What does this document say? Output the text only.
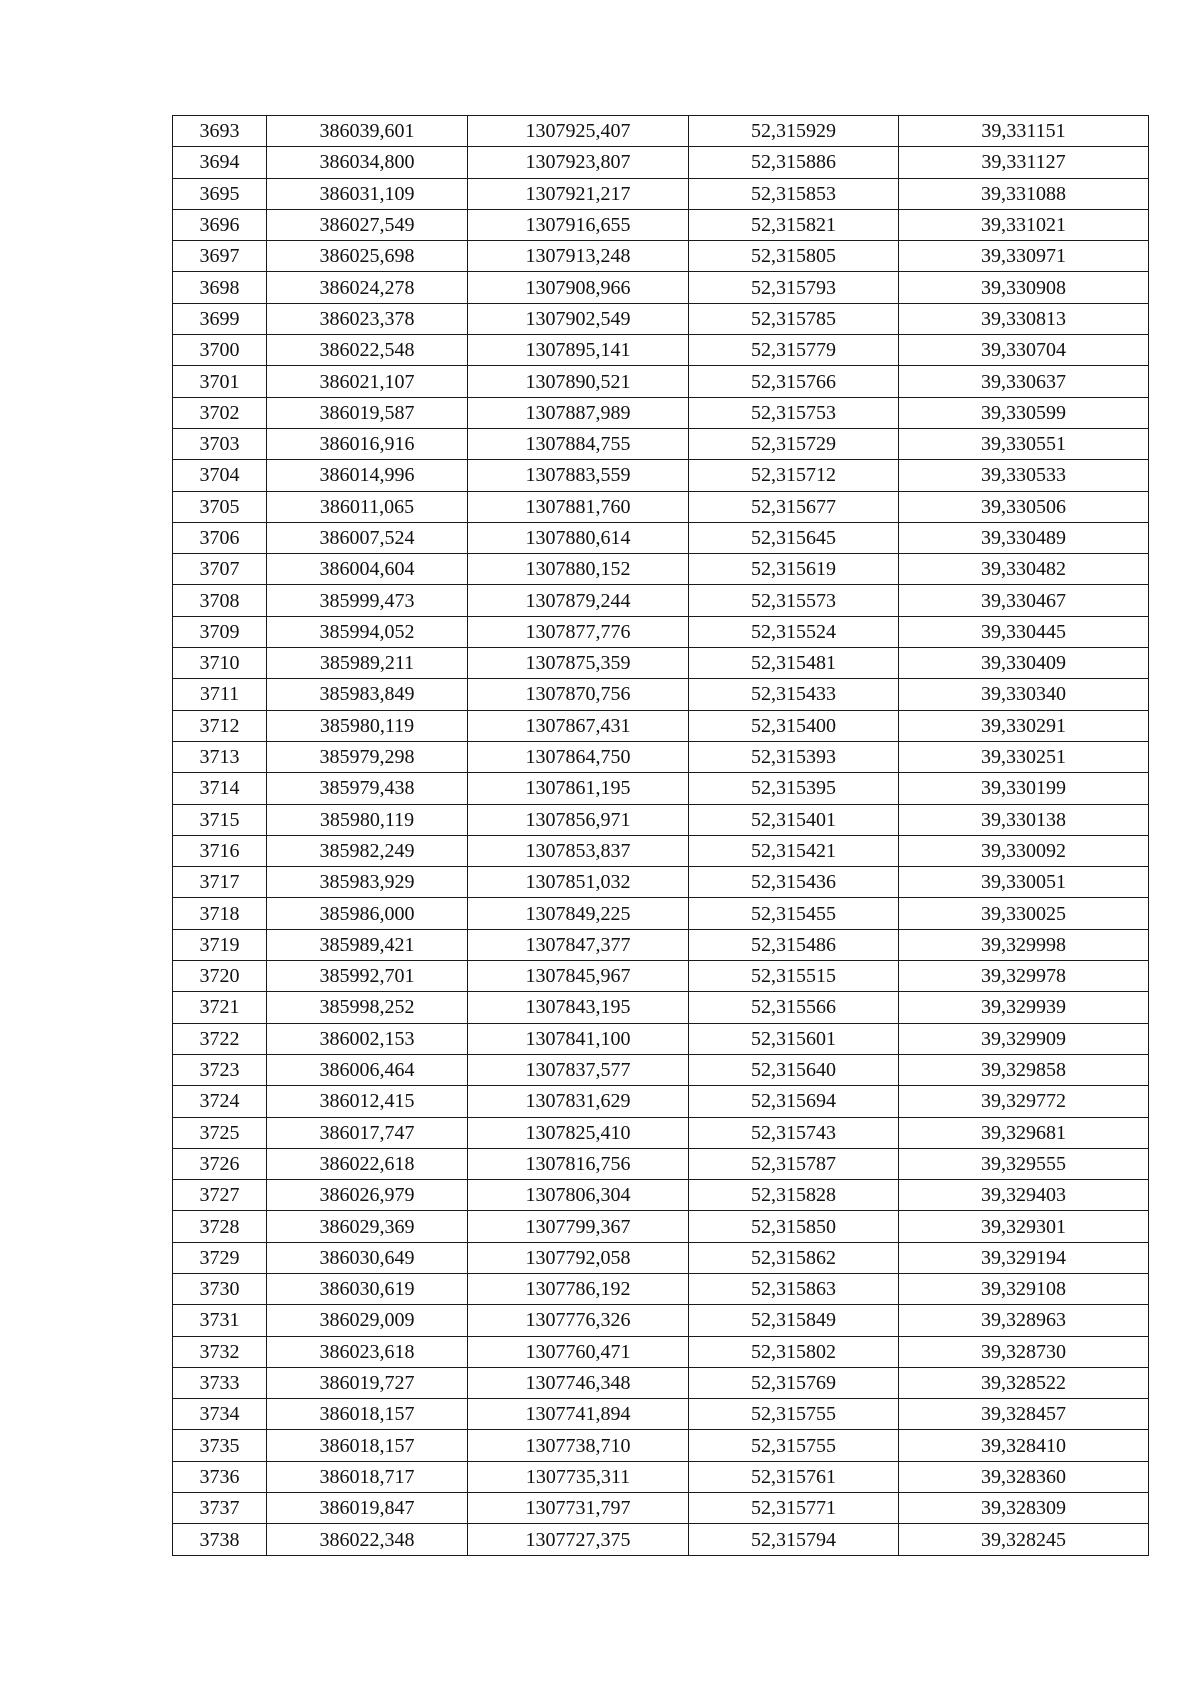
3693	386039,601	1307925,407	52,315929	39,331151
3694	386034,800	1307923,807	52,315886	39,331127
3695	386031,109	1307921,217	52,315853	39,331088
3696	386027,549	1307916,655	52,315821	39,331021
3697	386025,698	1307913,248	52,315805	39,330971
3698	386024,278	1307908,966	52,315793	39,330908
3699	386023,378	1307902,549	52,315785	39,330813
3700	386022,548	1307895,141	52,315779	39,330704
3701	386021,107	1307890,521	52,315766	39,330637
3702	386019,587	1307887,989	52,315753	39,330599
3703	386016,916	1307884,755	52,315729	39,330551
3704	386014,996	1307883,559	52,315712	39,330533
3705	386011,065	1307881,760	52,315677	39,330506
3706	386007,524	1307880,614	52,315645	39,330489
3707	386004,604	1307880,152	52,315619	39,330482
3708	385999,473	1307879,244	52,315573	39,330467
3709	385994,052	1307877,776	52,315524	39,330445
3710	385989,211	1307875,359	52,315481	39,330409
3711	385983,849	1307870,756	52,315433	39,330340
3712	385980,119	1307867,431	52,315400	39,330291
3713	385979,298	1307864,750	52,315393	39,330251
3714	385979,438	1307861,195	52,315395	39,330199
3715	385980,119	1307856,971	52,315401	39,330138
3716	385982,249	1307853,837	52,315421	39,330092
3717	385983,929	1307851,032	52,315436	39,330051
3718	385986,000	1307849,225	52,315455	39,330025
3719	385989,421	1307847,377	52,315486	39,329998
3720	385992,701	1307845,967	52,315515	39,329978
3721	385998,252	1307843,195	52,315566	39,329939
3722	386002,153	1307841,100	52,315601	39,329909
3723	386006,464	1307837,577	52,315640	39,329858
3724	386012,415	1307831,629	52,315694	39,329772
3725	386017,747	1307825,410	52,315743	39,329681
3726	386022,618	1307816,756	52,315787	39,329555
3727	386026,979	1307806,304	52,315828	39,329403
3728	386029,369	1307799,367	52,315850	39,329301
3729	386030,649	1307792,058	52,315862	39,329194
3730	386030,619	1307786,192	52,315863	39,329108
3731	386029,009	1307776,326	52,315849	39,328963
3732	386023,618	1307760,471	52,315802	39,328730
3733	386019,727	1307746,348	52,315769	39,328522
3734	386018,157	1307741,894	52,315755	39,328457
3735	386018,157	1307738,710	52,315755	39,328410
3736	386018,717	1307735,311	52,315761	39,328360
3737	386019,847	1307731,797	52,315771	39,328309
3738	386022,348	1307727,375	52,315794	39,328245
